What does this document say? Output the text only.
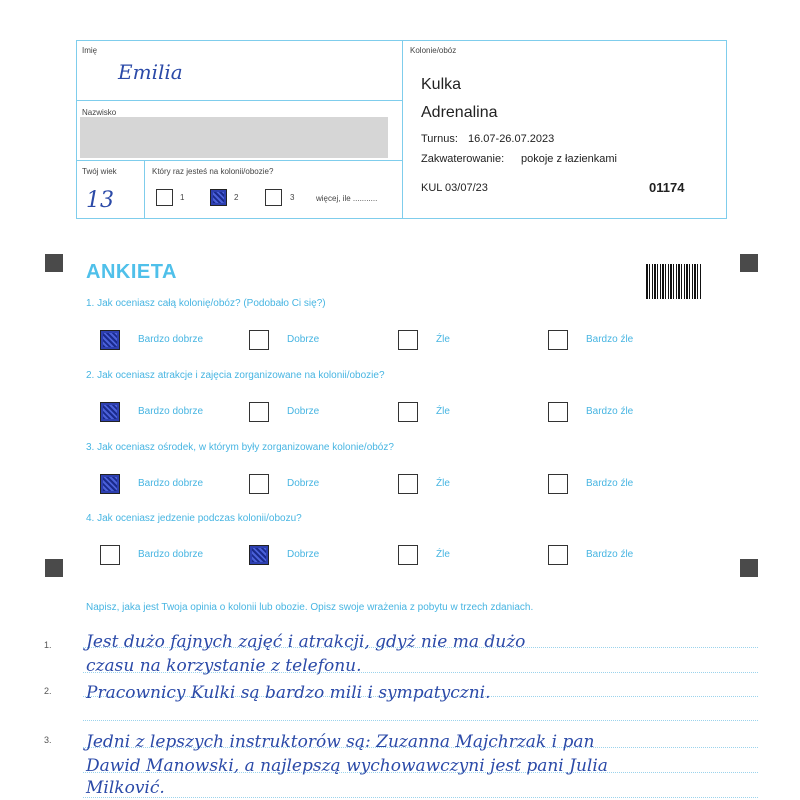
Imię
Emilia
Nazwisko
Twój wiek
13
Który raz jesteś na kolonii/obozie?
1	2	3	więcej, ile ...........
Kolonie/obóz
Kulka
Adrenalina
Turnus: 16.07-26.07.2023
Zakwaterowanie: pokoje z łazienkami
KUL 03/07/23	01174
ANKIETA
1. Jak oceniasz całą kolonię/obóz? (Podobało Ci się?)
Bardzo dobrze	Dobrze	Źle	Bardzo źle
2. Jak oceniasz atrakcje i zajęcia zorganizowane na kolonii/obozie?
Bardzo dobrze	Dobrze	Źle	Bardzo źle
3. Jak oceniasz ośrodek, w którym były zorganizowane kolonie/obóz?
Bardzo dobrze	Dobrze	Źle	Bardzo źle
4. Jak oceniasz jedzenie podczas kolonii/obozu?
Bardzo dobrze	Dobrze	Źle	Bardzo źle
Napisz, jaka jest Twoja opinia o kolonii lub obozie. Opisz swoje wrażenia z pobytu w trzech zdaniach.
1. Jest dużo fajnych zajęć i atrakcji, gdyż nie ma dużo
czasu na korzystanie z telefonu.
2. Pracownicy Kulki są bardzo mili i sympatyczni.
3. Jedni z lepszych instruktorów są: Zuzanna Majchrzak i pan
Dawid Manowski, a najlepszą wychowawczyni jest pani Julia
Milković.
